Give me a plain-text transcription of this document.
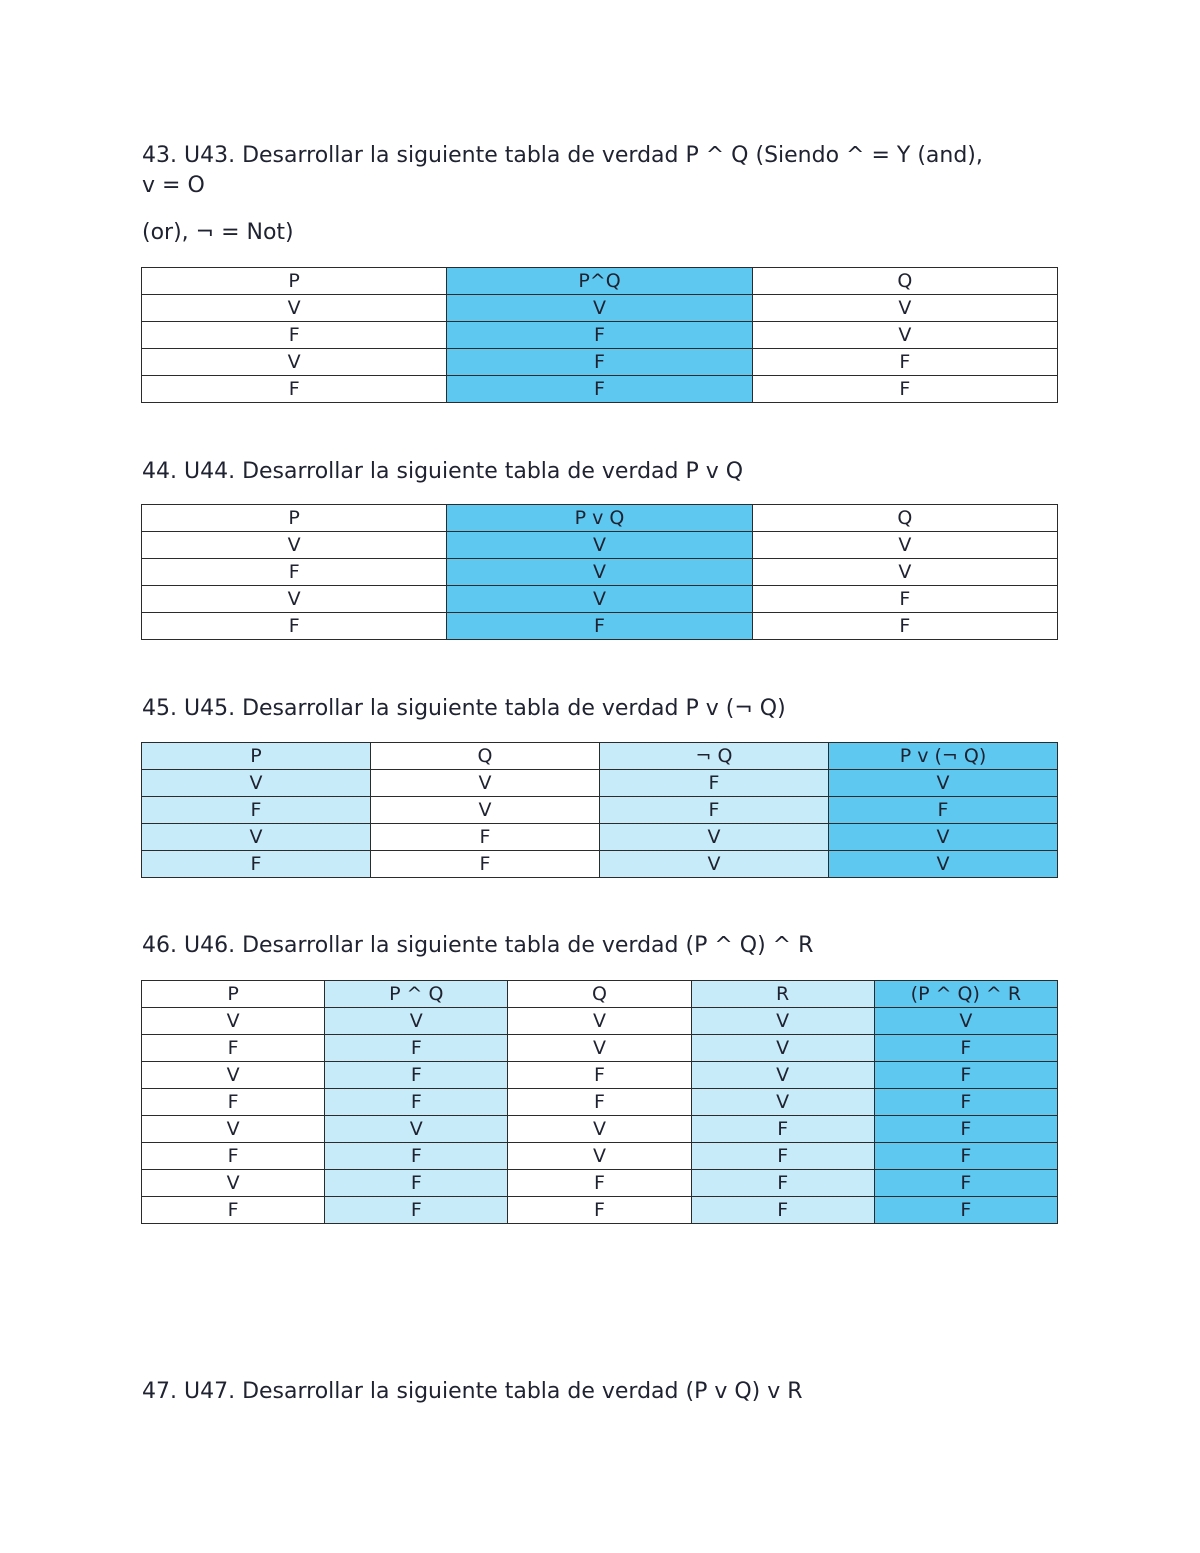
43. U43. Desarrollar la siguiente tabla de verdad P ^ Q (Siendo ^ = Y (and),

v = O

(or), ¬ = Not)

P	P^Q	Q
V	V	V
F	F	V
V	F	F
F	F	F

44. U44. Desarrollar la siguiente tabla de verdad P v Q

P	P v Q	Q
V	V	V
F	V	V
V	V	F
F	F	F

45. U45. Desarrollar la siguiente tabla de verdad P v (¬ Q)

P	Q	¬ Q	P v (¬ Q)
V	V	F	V
F	V	F	F
V	F	V	V
F	F	V	V

46. U46. Desarrollar la siguiente tabla de verdad (P ^ Q) ^ R

P	P ^ Q	Q	R	(P ^ Q) ^ R
V	V	V	V	V
F	F	V	V	F
V	F	F	V	F
F	F	F	V	F
V	V	V	F	F
F	F	V	F	F
V	F	F	F	F
F	F	F	F	F

47. U47. Desarrollar la siguiente tabla de verdad (P v Q) v R
